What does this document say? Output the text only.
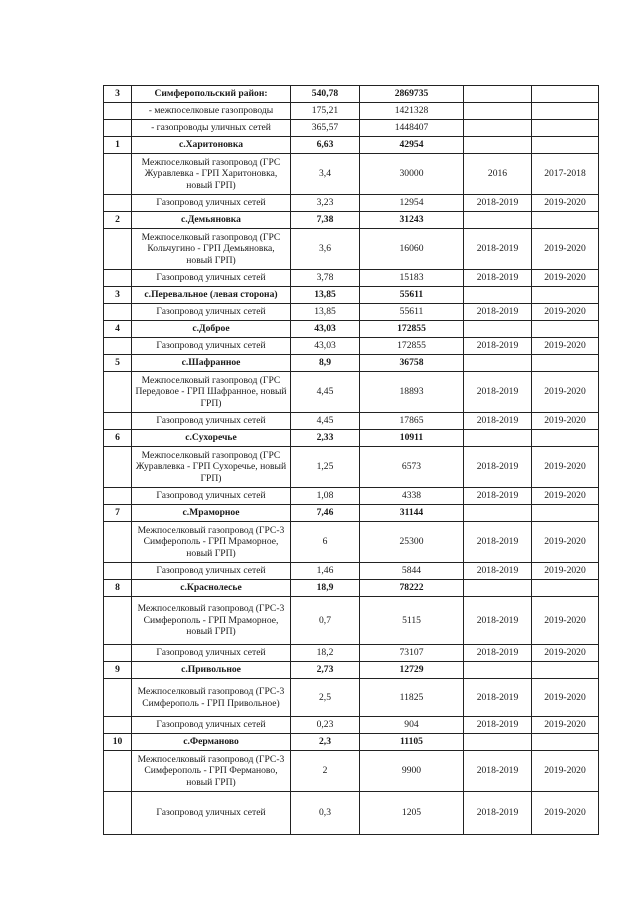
3	Симферопольский район:	540,78	2869735		
	- межпоселковые газопроводы	175,21	1421328		
	- газопроводы уличных сетей	365,57	1448407		
1	с.Харитоновка	6,63	42954		
	Межпоселковый газопровод (ГРС Журавлевка - ГРП Харитоновка, новый ГРП)	3,4	30000	2016	2017-2018
	Газопровод уличных сетей	3,23	12954	2018-2019	2019-2020
2	с.Демьяновка	7,38	31243		
	Межпоселковый газопровод (ГРС Кольчугино - ГРП Демьяновка, новый ГРП)	3,6	16060	2018-2019	2019-2020
	Газопровод уличных сетей	3,78	15183	2018-2019	2019-2020
3	с.Перевальное (левая сторона)	13,85	55611		
	Газопровод уличных сетей	13,85	55611	2018-2019	2019-2020
4	с.Доброе	43,03	172855		
	Газопровод уличных сетей	43,03	172855	2018-2019	2019-2020
5	с.Шафранное	8,9	36758		
	Межпоселковый газопровод (ГРС Передовое - ГРП Шафранное, новый ГРП)	4,45	18893	2018-2019	2019-2020
	Газопровод уличных сетей	4,45	17865	2018-2019	2019-2020
6	с.Сухоречье	2,33	10911		
	Межпоселковый газопровод (ГРС Журавлевка - ГРП Сухоречье, новый ГРП)	1,25	6573	2018-2019	2019-2020
	Газопровод уличных сетей	1,08	4338	2018-2019	2019-2020
7	с.Мраморное	7,46	31144		
	Межпоселковый газопровод (ГРС-3 Симферополь - ГРП Мраморное, новый ГРП)	6	25300	2018-2019	2019-2020
	Газопровод уличных сетей	1,46	5844	2018-2019	2019-2020
8	с.Краснолесье	18,9	78222		
	Межпоселковый газопровод (ГРС-3 Симферополь - ГРП Мраморное, новый ГРП)	0,7	5115	2018-2019	2019-2020
	Газопровод уличных сетей	18,2	73107	2018-2019	2019-2020
9	с.Привольное	2,73	12729		
	Межпоселковый газопровод (ГРС-3 Симферополь - ГРП Привольное)	2,5	11825	2018-2019	2019-2020
	Газопровод уличных сетей	0,23	904	2018-2019	2019-2020
10	с.Ферманово	2,3	11105		
	Межпоселковый газопровод (ГРС-3 Симферополь - ГРП Ферманово, новый ГРП)	2	9900	2018-2019	2019-2020
	Газопровод уличных сетей	0,3	1205	2018-2019	2019-2020
